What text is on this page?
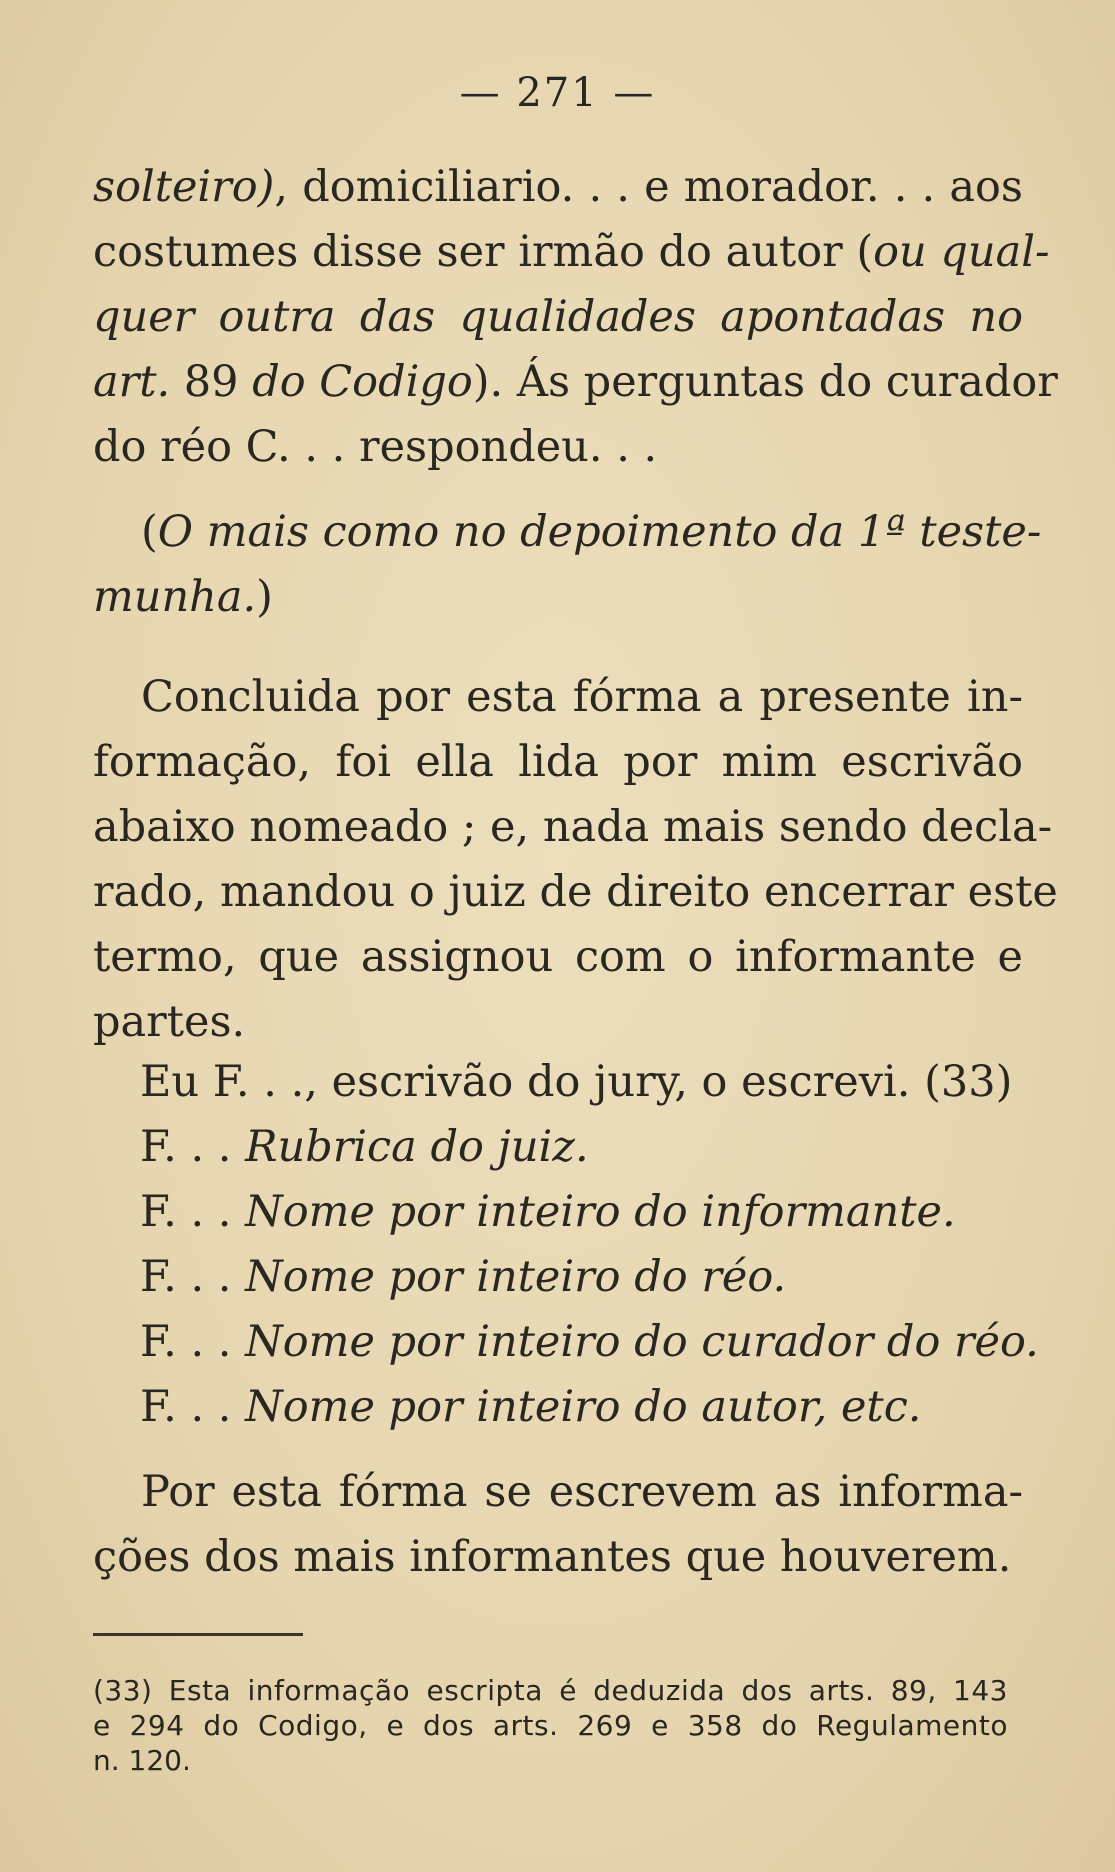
— 271 —
solteiro), domiciliario. . . e morador. . . aos
costumes disse ser irmão do autor (ou qual-
quer outra das qualidades apontadas no
art. 89 do Codigo). Ás perguntas do curador
do réo C. . . respondeu. . .
(O mais como no depoimento da 1ª teste-
munha.)
Concluida por esta fórma a presente in-
formação, foi ella lida por mim escrivão
abaixo nomeado ; e, nada mais sendo decla-
rado, mandou o juiz de direito encerrar este
termo, que assignou com o informante e
partes.
Eu F. . ., escrivão do jury, o escrevi. (33)
F. . . Rubrica do juiz.
F. . . Nome por inteiro do informante.
F. . . Nome por inteiro do réo.
F. . . Nome por inteiro do curador do réo.
F. . . Nome por inteiro do autor, etc.
Por esta fórma se escrevem as informa-
ções dos mais informantes que houverem.
(33) Esta informação escripta é deduzida dos arts. 89, 143
e 294 do Codigo, e dos arts. 269 e 358 do Regulamento
n. 120.
